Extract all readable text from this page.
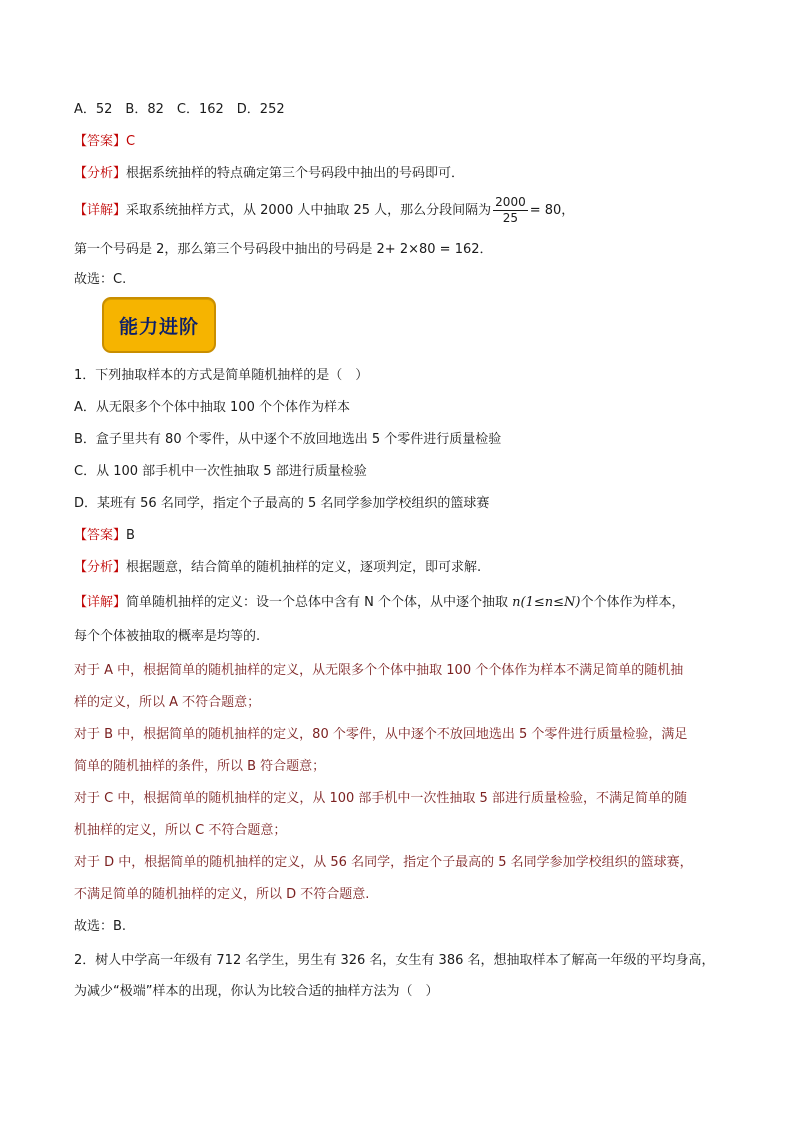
A．52　B．82　C．162　D．252
【答案】C
【分析】根据系统抽样的特点确定第三个号码段中抽出的号码即可．
【详解】采取系统抽样方式，从 2000 人中抽取 25 人，那么分段间隔为 $\frac{2000}{25} = 80$，
第一个号码是 2，那么第三个号码段中抽出的号码是 2+ 2×80 = 162．
故选：C.
能力进阶
1．下列抽取样本的方式是简单随机抽样的是（　）
A．从无限多个个体中抽取 100 个个体作为样本
B．盒子里共有 80 个零件，从中逐个不放回地选出 5 个零件进行质量检验
C．从 100 部手机中一次性抽取 5 部进行质量检验
D．某班有 56 名同学，指定个子最高的 5 名同学参加学校组织的篮球赛
【答案】B
【分析】根据题意，结合简单的随机抽样的定义，逐项判定，即可求解.
【详解】简单随机抽样的定义：设一个总体中含有 N 个个体，从中逐个抽取 n(1≤n≤N)个个体作为样本，
每个个体被抽取的概率是均等的.
对于 A 中，根据简单的随机抽样的定义，从无限多个个体中抽取 100 个个体作为样本不满足简单的随机抽
样的定义，所以 A 不符合题意；
对于 B 中，根据简单的随机抽样的定义，80 个零件，从中逐个不放回地选出 5 个零件进行质量检验，满足
简单的随机抽样的条件，所以 B 符合题意；
对于 C 中，根据简单的随机抽样的定义，从 100 部手机中一次性抽取 5 部进行质量检验，不满足简单的随
机抽样的定义，所以 C 不符合题意；
对于 D 中，根据简单的随机抽样的定义，从 56 名同学，指定个子最高的 5 名同学参加学校组织的篮球赛，
不满足简单的随机抽样的定义，所以 D 不符合题意.
故选：B.
2．树人中学高一年级有 712 名学生，男生有 326 名，女生有 386 名，想抽取样本了解高一年级的平均身高，
为减少“极端”样本的出现，你认为比较合适的抽样方法为（　）
